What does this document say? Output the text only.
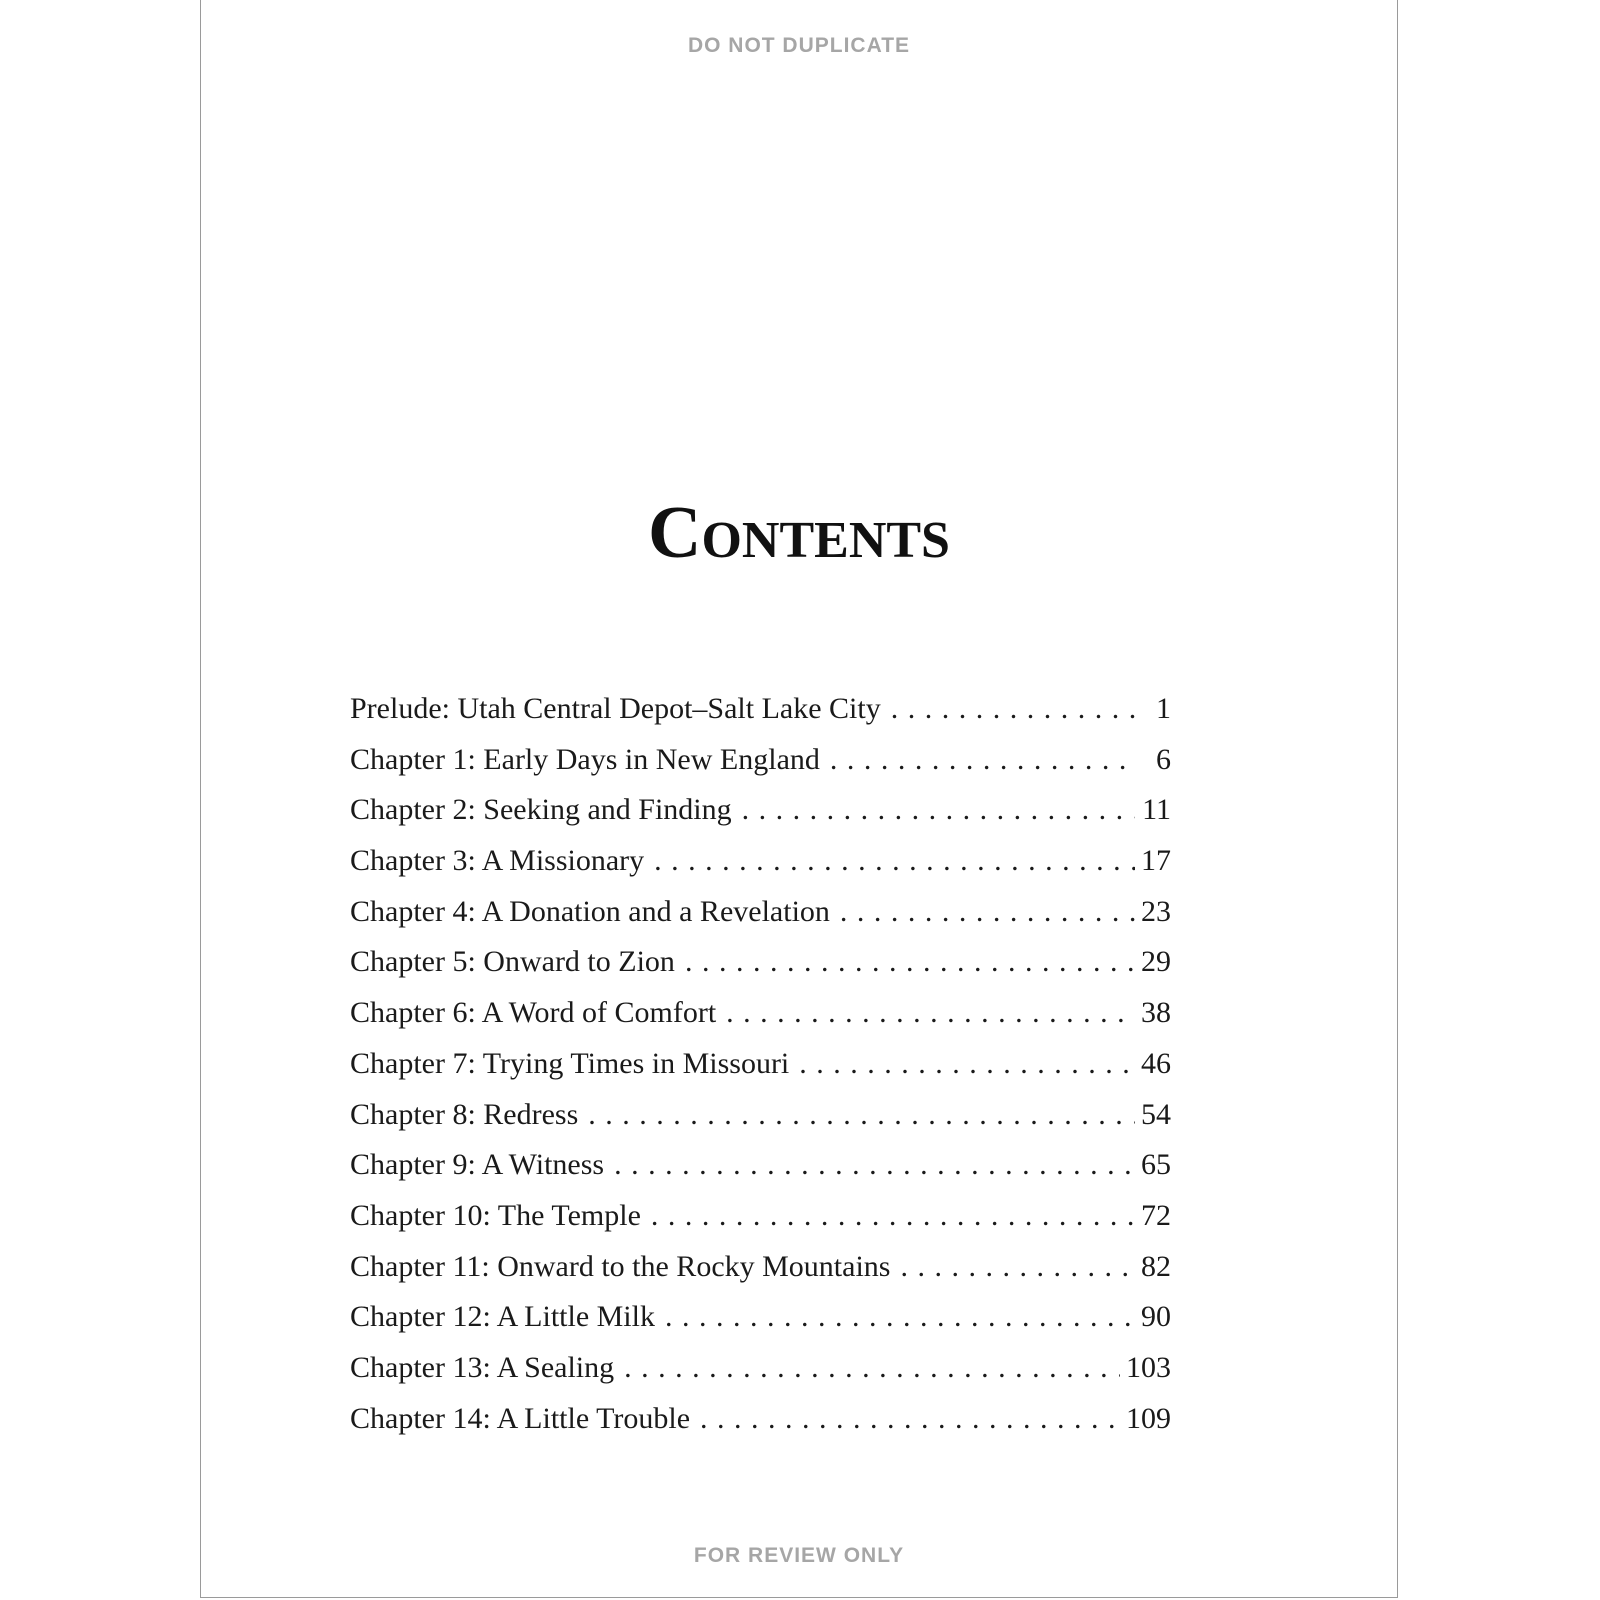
DO NOT DUPLICATE
Contents
Prelude: Utah Central Depot–Salt Lake City . . .	1
Chapter 1: Early Days in New England . . .	6
Chapter 2: Seeking and Finding . . .	11
Chapter 3: A Missionary . . .	17
Chapter 4: A Donation and a Revelation . . .	23
Chapter 5: Onward to Zion . . .	29
Chapter 6: A Word of Comfort . . .	38
Chapter 7: Trying Times in Missouri . . .	46
Chapter 8: Redress . . .	54
Chapter 9: A Witness . . .	65
Chapter 10: The Temple . . .	72
Chapter 11: Onward to the Rocky Mountains . . .	82
Chapter 12: A Little Milk . . .	90
Chapter 13: A Sealing . . .	103
Chapter 14: A Little Trouble . . .	109
FOR REVIEW ONLY
